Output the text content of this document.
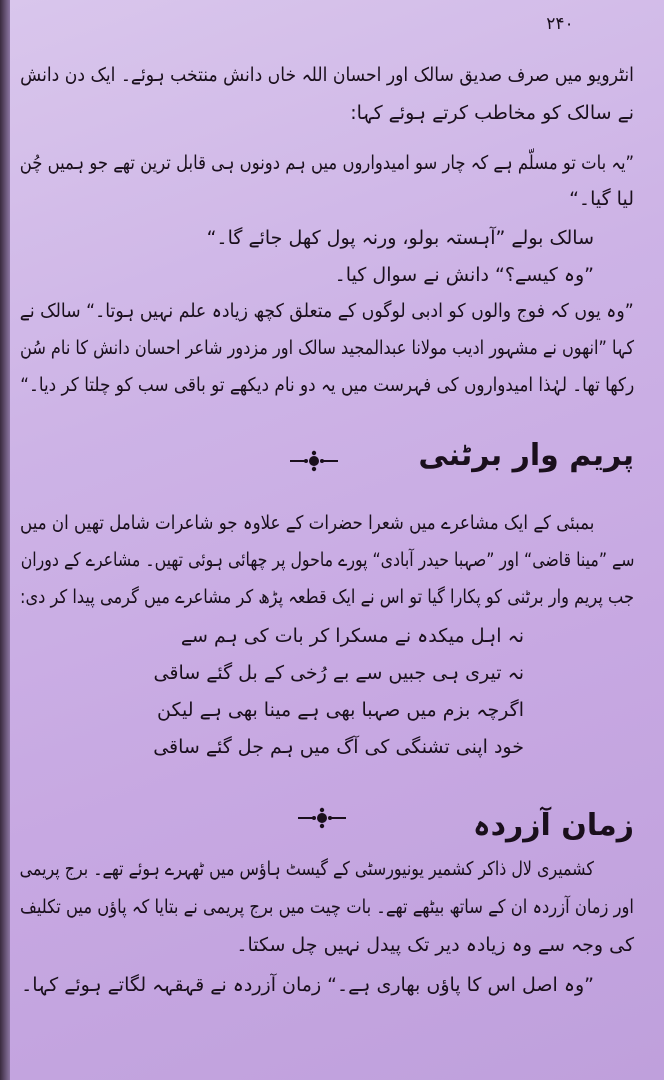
۲۴۰
انٹرویو میں صرف صدیق سالک اور احسان اللہ خاں دانش منتخب ہوئے۔ ایک دن دانش
نے سالک کو مخاطب کرتے ہوئے کہا:
”یہ بات تو مسلّم ہے کہ چار سو امیدواروں میں ہم دونوں ہی قابل ترین تھے جو ہمیں چُن
لیا گیا۔“
سالک بولے ”آہستہ بولو، ورنہ پول کھل جائے گا۔“
”وہ کیسے؟“ دانش نے سوال کیا۔
”وہ یوں کہ فوج والوں کو ادبی لوگوں کے متعلق کچھ زیادہ علم نہیں ہوتا۔“ سالک نے
کہا ”انھوں نے مشہور ادیب مولانا عبدالمجید سالک اور مزدور شاعر احسان دانش کا نام سُن
رکھا تھا۔ لہٰذا امیدواروں کی فہرست میں یہ دو نام دیکھے تو باقی سب کو چلتا کر دیا۔“
پریم وار برٹنی
بمبئی کے ایک مشاعرے میں شعرا حضرات کے علاوہ جو شاعرات شامل تھیں ان میں
سے ”مینا قاضی“ اور ”صہبا حیدر آبادی“ پورے ماحول پر چھائی ہوئی تھیں۔ مشاعرے کے دوران
جب پریم وار برٹنی کو پکارا گیا تو اس نے ایک قطعہ پڑھ کر مشاعرے میں گرمی پیدا کر دی:
نہ اہل میکدہ نے مسکرا کر بات کی ہم سے
نہ تیری ہی جبیں سے بے رُخی کے بل گئے ساقی
اگرچہ بزم میں صہبا بھی ہے مینا بھی ہے لیکن
خود اپنی تشنگی کی آگ میں ہم جل گئے ساقی
زمان آزردہ
کشمیری لال ذاکر کشمیر یونیورسٹی کے گیسٹ ہاؤس میں ٹھہرے ہوئے تھے۔ برج پریمی
اور زمان آزردہ ان کے ساتھ بیٹھے تھے۔ بات چیت میں برج پریمی نے بتایا کہ پاؤں میں تکلیف
کی وجہ سے وہ زیادہ دیر تک پیدل نہیں چل سکتا۔
”وہ اصل اس کا پاؤں بھاری ہے۔“ زمان آزردہ نے قہقہہ لگاتے ہوئے کہا۔
